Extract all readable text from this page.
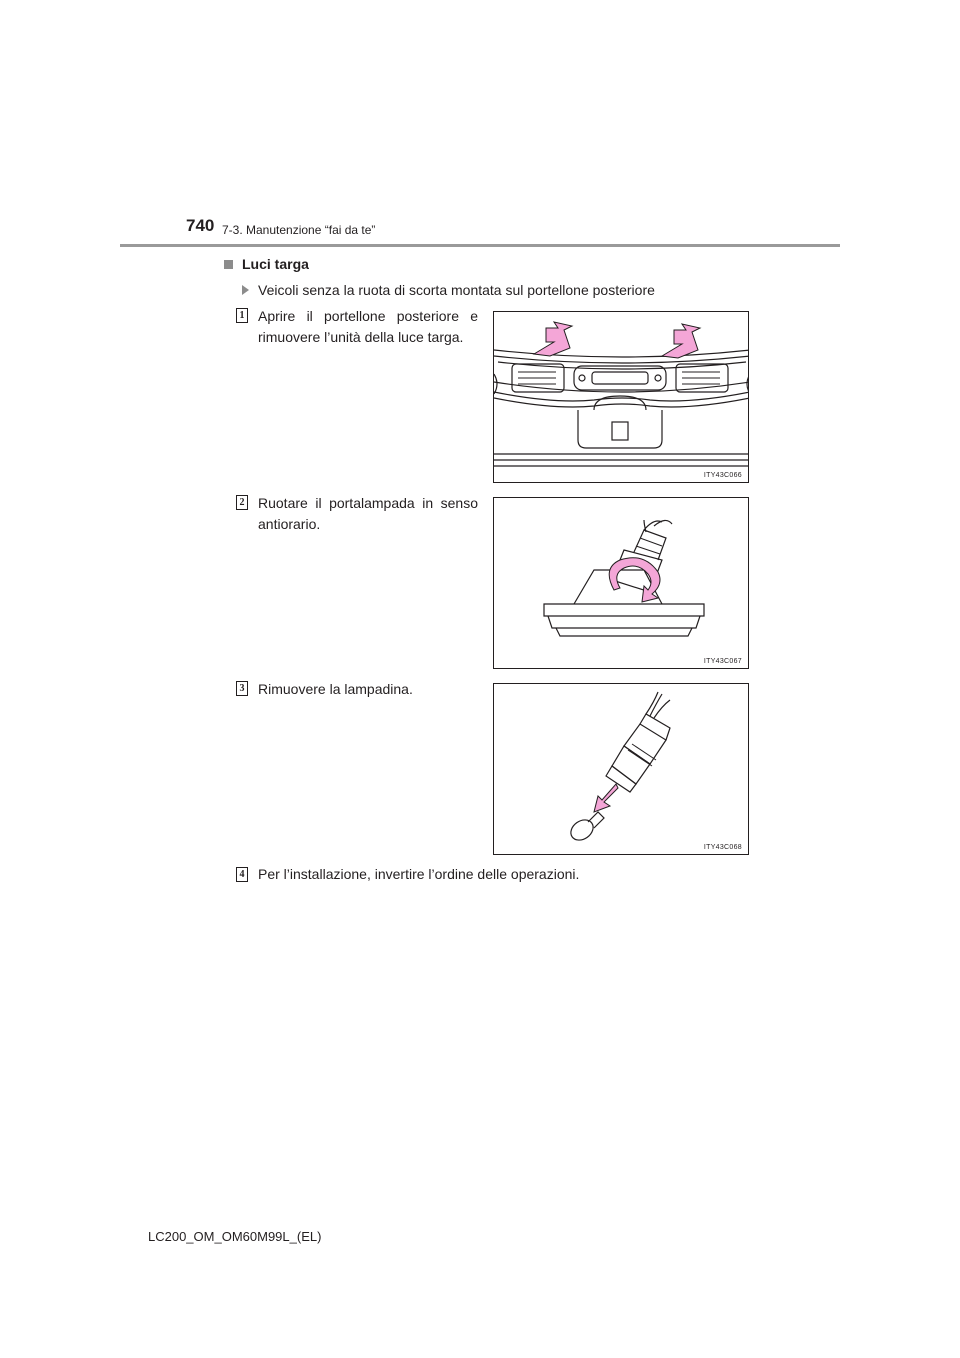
740 7-3. Manutenzione “fai da te”
Luci targa
Veicoli senza la ruota di scorta montata sul portellone posteriore
1 Aprire il portellone posteriore e rimuovere l’unità della luce targa.
ITY43C066
2 Ruotare il portalampada in senso antiorario.
ITY43C067
3 Rimuovere la lampadina.
ITY43C068
4 Per l’installazione, invertire l’ordine delle operazioni.
LC200_OM_OM60M99L_(EL)
